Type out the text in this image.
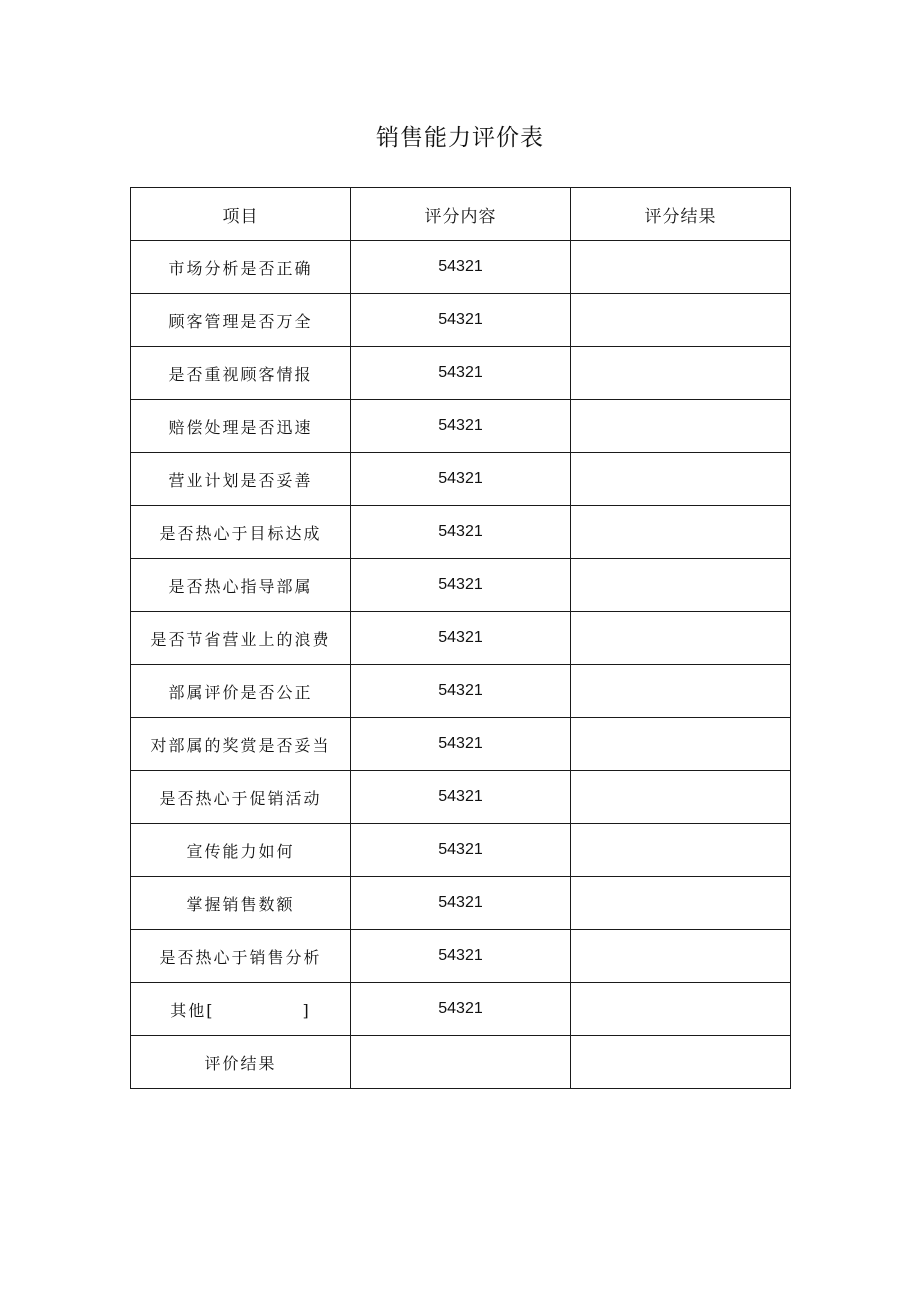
销售能力评价表
项目	评分内容	评分结果
市场分析是否正确	54321	
顾客管理是否万全	54321	
是否重视顾客情报	54321	
赔偿处理是否迅速	54321	
营业计划是否妥善	54321	
是否热心于目标达成	54321	
是否热心指导部属	54321	
是否节省营业上的浪费	54321	
部属评价是否公正	54321	
对部属的奖赏是否妥当	54321	
是否热心于促销活动	54321	
宣传能力如何	54321	
掌握销售数额	54321	
是否热心于销售分析	54321	
其他[ ]	54321	
评价结果		
